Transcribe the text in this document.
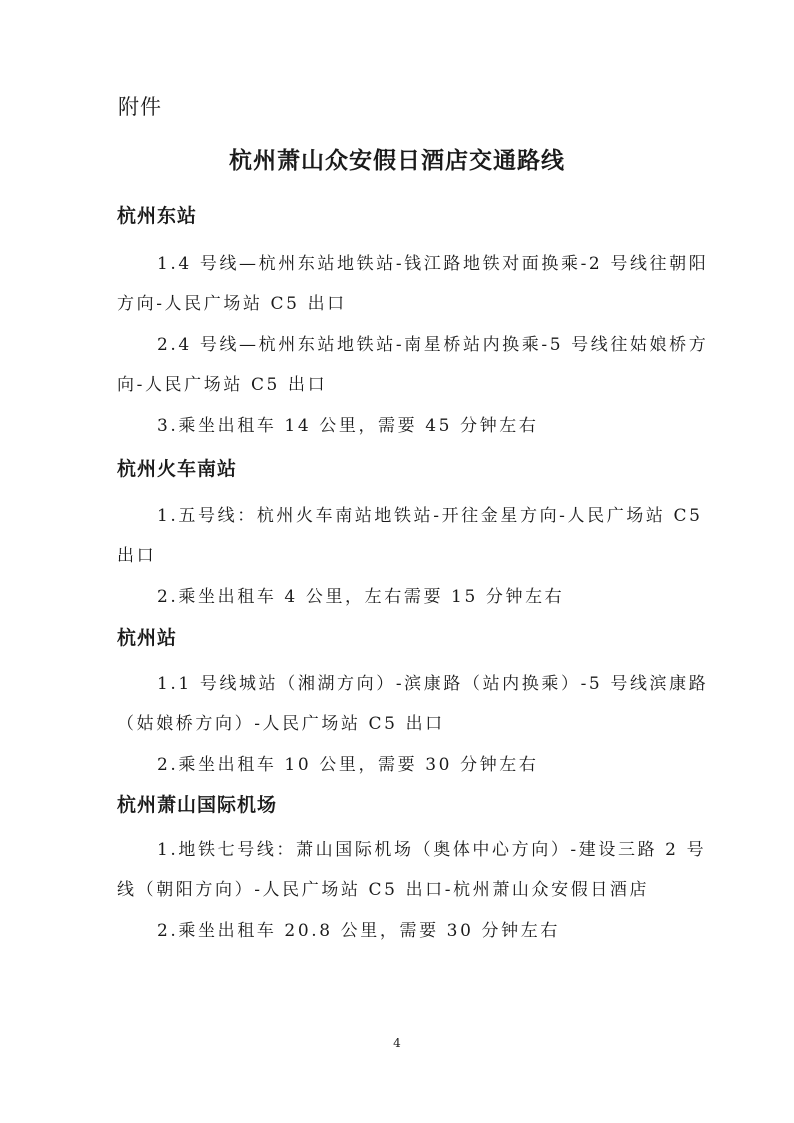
附件
杭州萧山众安假日酒店交通路线
杭州东站
1.4 号线—杭州东站地铁站-钱江路地铁对面换乘-2 号线往朝阳方向-人民广场站 C5 出口
2.4 号线—杭州东站地铁站-南星桥站内换乘-5 号线往姑娘桥方向-人民广场站 C5 出口
3.乘坐出租车 14 公里，需要 45 分钟左右
杭州火车南站
1.五号线：杭州火车南站地铁站-开往金星方向-人民广场站 C5 出口
2.乘坐出租车 4 公里，左右需要 15 分钟左右
杭州站
1.1 号线城站（湘湖方向）-滨康路（站内换乘）-5 号线滨康路（姑娘桥方向）-人民广场站 C5 出口
2.乘坐出租车 10 公里，需要 30 分钟左右
杭州萧山国际机场
1.地铁七号线：萧山国际机场（奥体中心方向）-建设三路 2 号线（朝阳方向）-人民广场站 C5 出口-杭州萧山众安假日酒店
2.乘坐出租车 20.8 公里，需要 30 分钟左右
4
